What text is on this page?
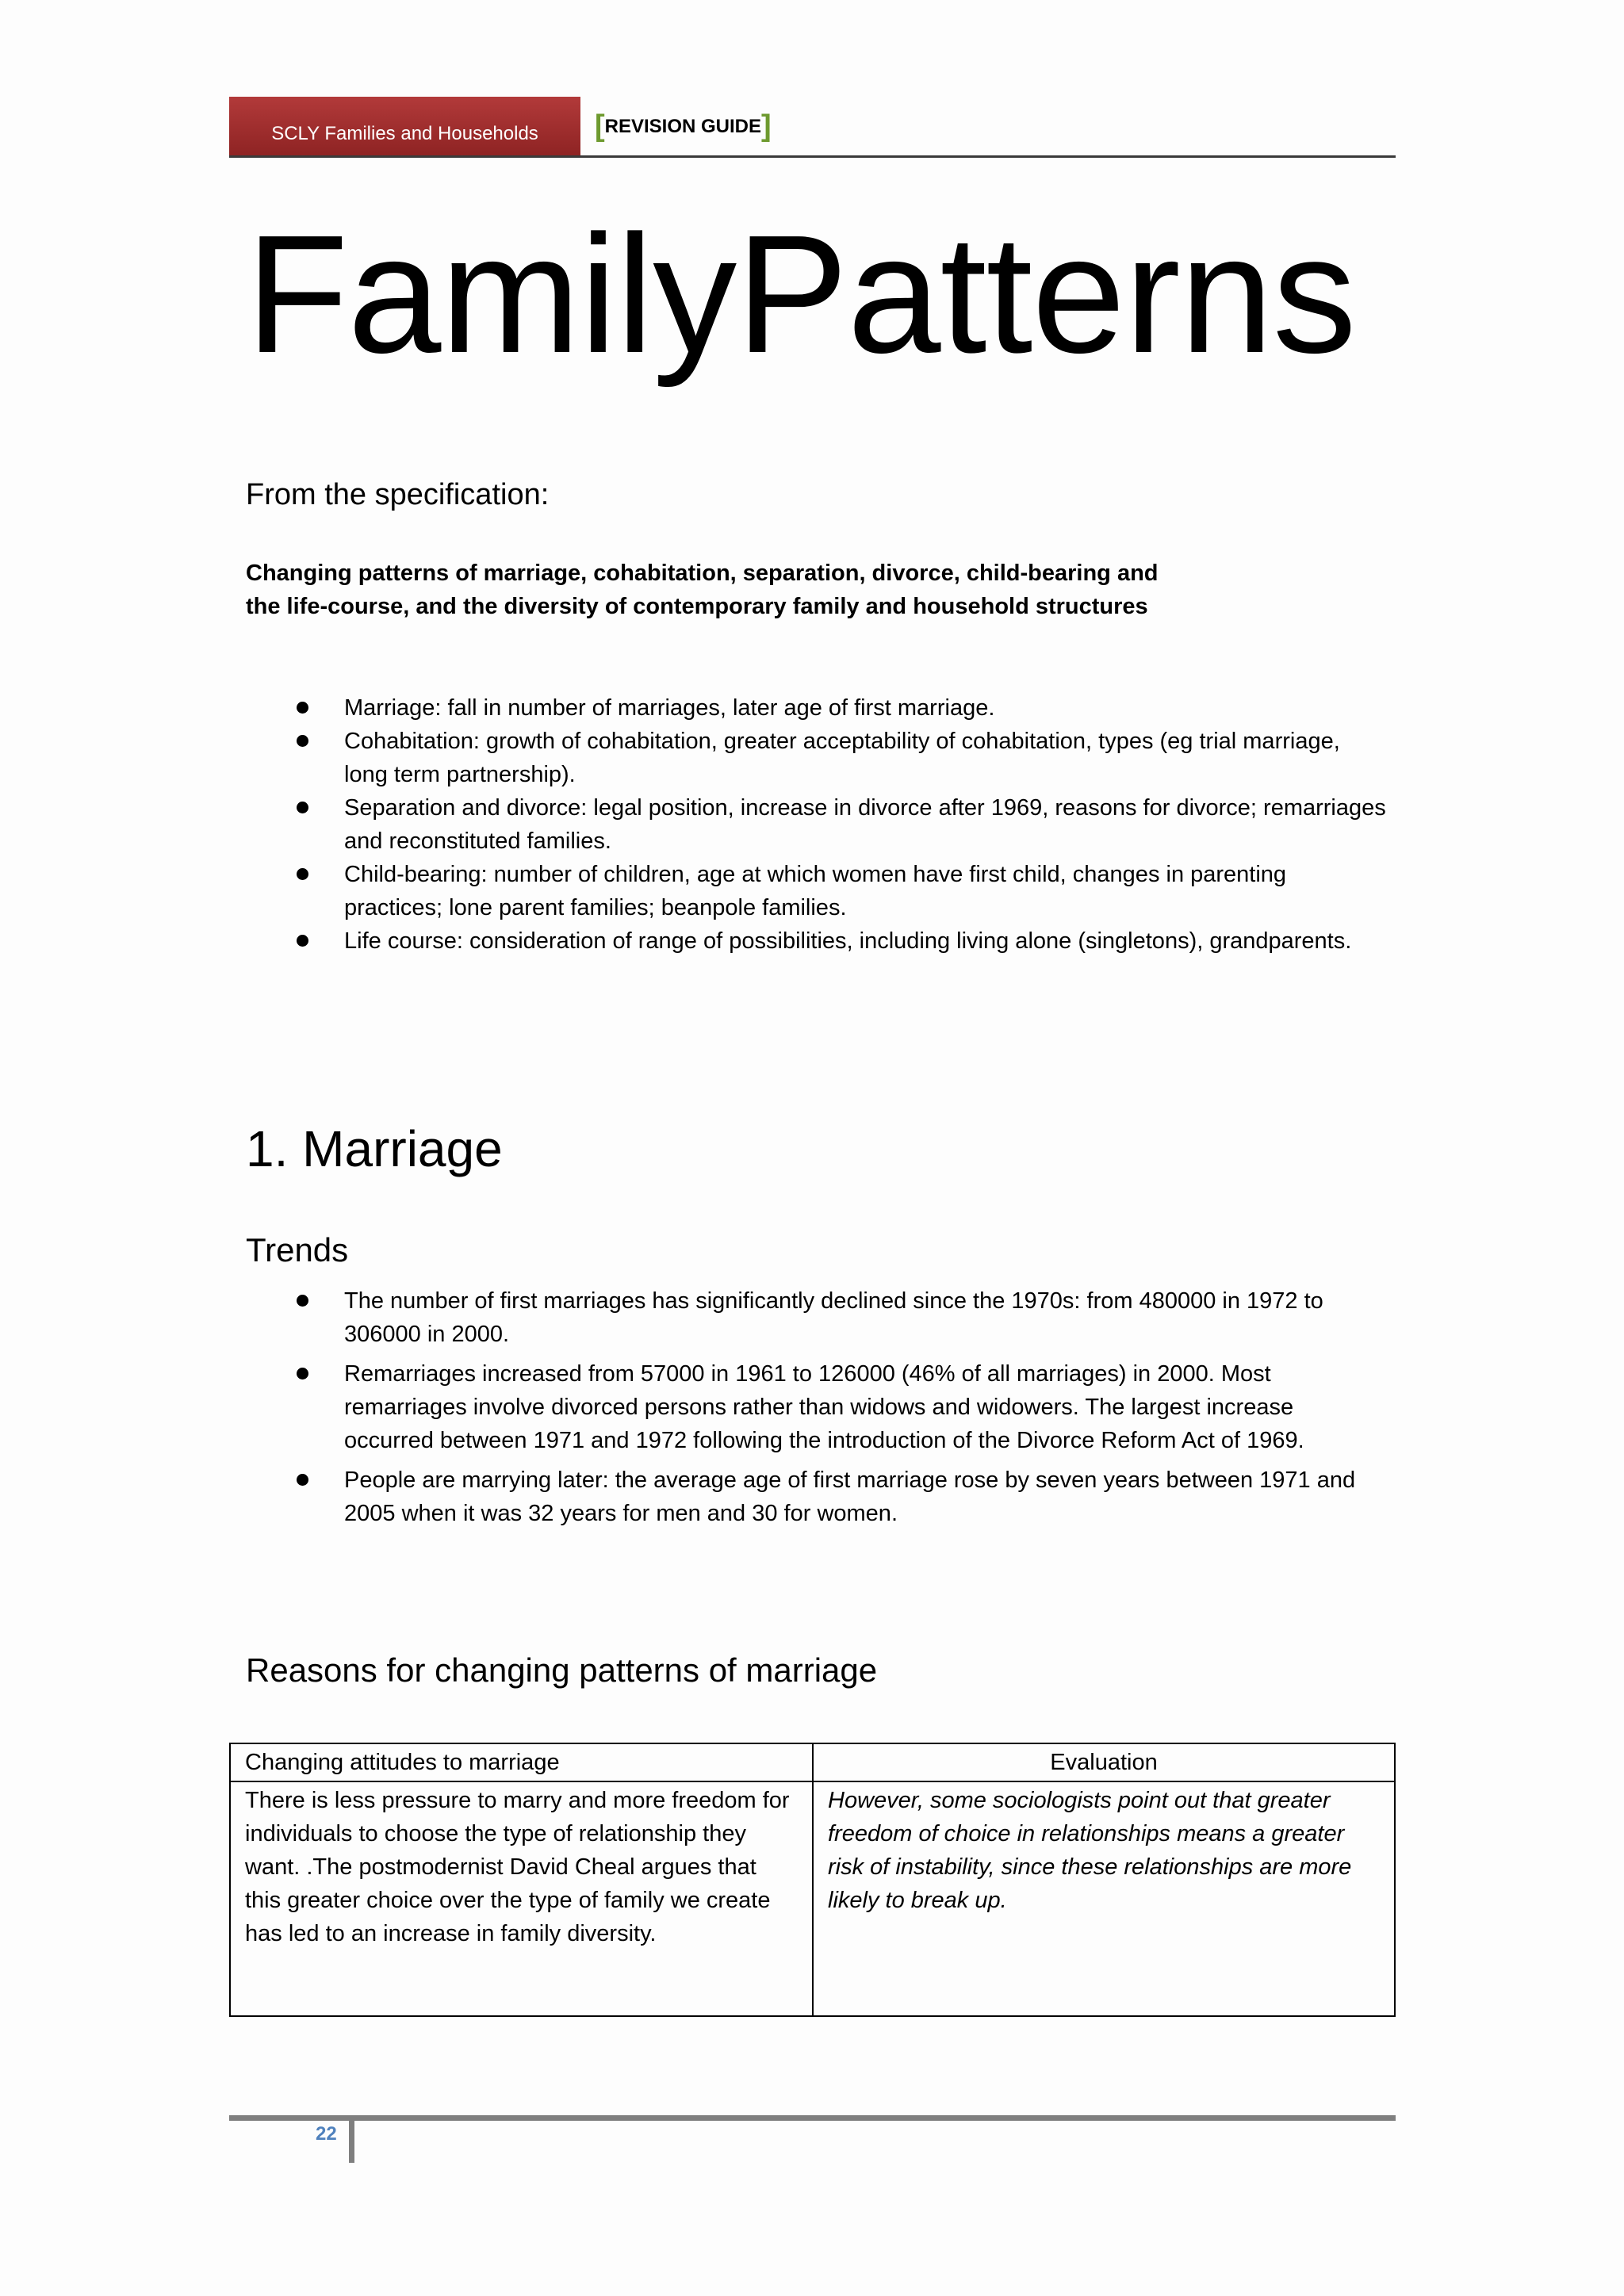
SCLY Families and Households [REVISION GUIDE]
FamilyPatterns
From the specification:
Changing patterns of marriage, cohabitation, separation, divorce, child-bearing and the life-course, and the diversity of contemporary family and household structures
Marriage: fall in number of marriages, later age of first marriage.
Cohabitation: growth of cohabitation, greater acceptability of cohabitation, types (eg trial marriage, long term partnership).
Separation and divorce: legal position, increase in divorce after 1969, reasons for divorce; remarriages and reconstituted families.
Child-bearing: number of children, age at which women have first child, changes in parenting practices; lone parent families; beanpole families.
Life course: consideration of range of possibilities, including living alone (singletons), grandparents.
1. Marriage
Trends
The number of first marriages has significantly declined since the 1970s: from 480000 in 1972 to 306000 in 2000.
Remarriages increased from 57000 in 1961 to 126000 (46% of all marriages) in 2000. Most remarriages involve divorced persons rather than widows and widowers. The largest increase occurred between 1971 and 1972 following the introduction of the Divorce Reform Act of 1969.
People are marrying later: the average age of first marriage rose by seven years between 1971 and 2005 when it was 32 years for men and 30 for women.
Reasons for changing patterns of marriage
Changing attitudes to marriage	Evaluation
There is less pressure to marry and more freedom for individuals to choose the type of relationship they want. .The postmodernist David Cheal argues that this greater choice over the type of family we create has led to an increase in family diversity.	However, some sociologists point out that greater freedom of choice in relationships means a greater risk of instability, since these relationships are more likely to break up.
22
